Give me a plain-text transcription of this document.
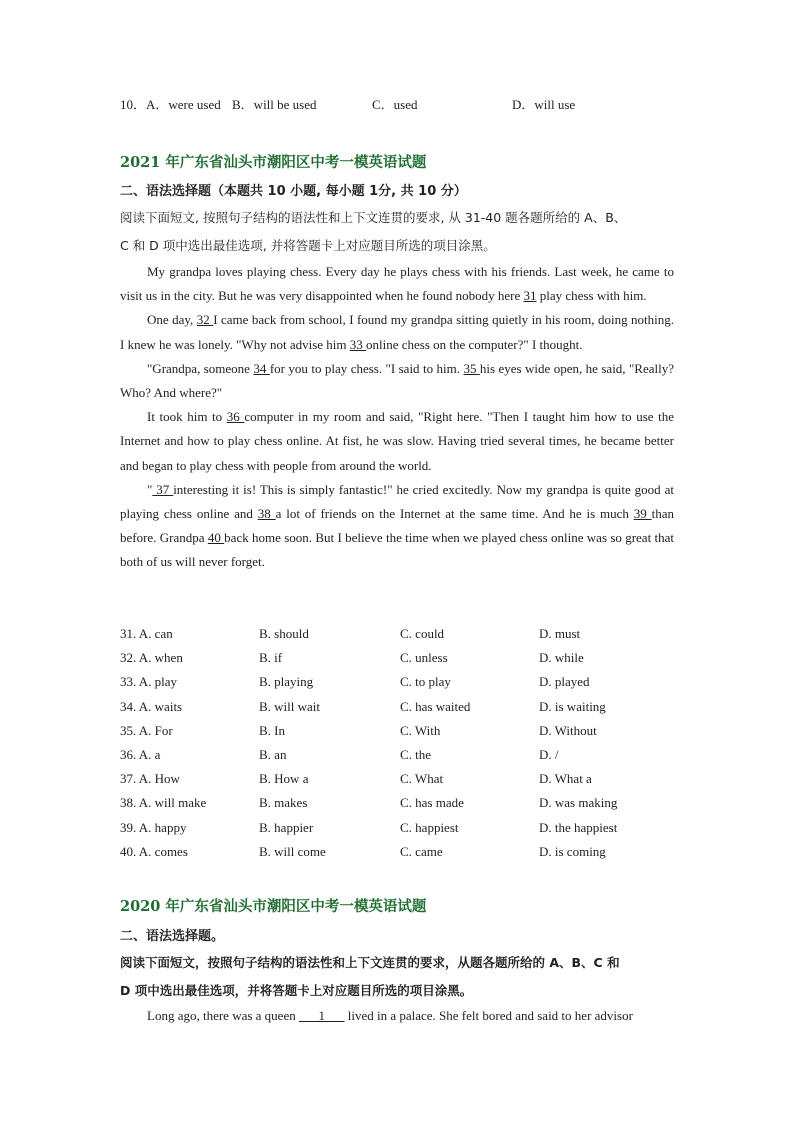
10． A．were used B．will be used	C．used	D．will use
2021 年广东省汕头市潮阳区中考一模英语试题
二、语法选择题（本题共 10 小题, 每小题 1分, 共 10 分）
阅读下面短文, 按照句子结构的语法性和上下文连贯的要求, 从 31-40 题各题所给的 A、B、
C 和 D 项中选出最佳选项, 并将答题卡上对应题目所选的项目涂黑。

My grandpa loves playing chess. Every day he plays chess with his friends. Last week, he came to visit us in the city. But he was very disappointed when he found nobody here 31 play chess with him.

One day, 32 I came back from school, I found my grandpa sitting quietly in his room, doing nothing. I knew he was lonely. "Why not advise him 33 online chess on the computer?" I thought.

"Grandpa, someone 34 for you to play chess. "I said to him. 35 his eyes wide open, he said, "Really? Who? And where?"

It took him to 36 computer in my room and said, "Right here. "Then I taught him how to use the Internet and how to play chess online. At fist, he was slow. Having tried several times, he became better and began to play chess with people from around the world.

" 37 interesting it is! This is simply fantastic!" he cried excitedly. Now my grandpa is quite good at playing chess online and 38 a lot of friends on the Internet at the same time. And he is much 39 than before. Grandpa 40 back home soon. But I believe the time when we played chess online was so great that both of us will never forget.

31. A. can	B. should	C. could	D. must
32. A. when	B. if	C. unless	D. while
33. A. play	B. playing	C. to play	D. played
34. A. waits	B. will wait	C. has waited	D. is waiting
35. A. For	B. In	C. With	D. Without
36. A. a	B. an	C. the	D. /
37. A. How	B. How a	C. What	D. What a
38. A. will make	B. makes	C. has made	D. was making
39. A. happy	B. happier	C. happiest	D. the happiest
40. A. comes	B. will come	C. came	D. is coming
2020 年广东省汕头市潮阳区中考一模英语试题
二、语法选择题。
阅读下面短文，按照句子结构的语法性和上下文连贯的要求，从题各题所给的 A、B、C 和
D 项中选出最佳选项，并将答题卡上对应题目所选的项目涂黑。
Long ago, there was a queen ___1___ lived in a palace. She felt bored and said to her advisor
